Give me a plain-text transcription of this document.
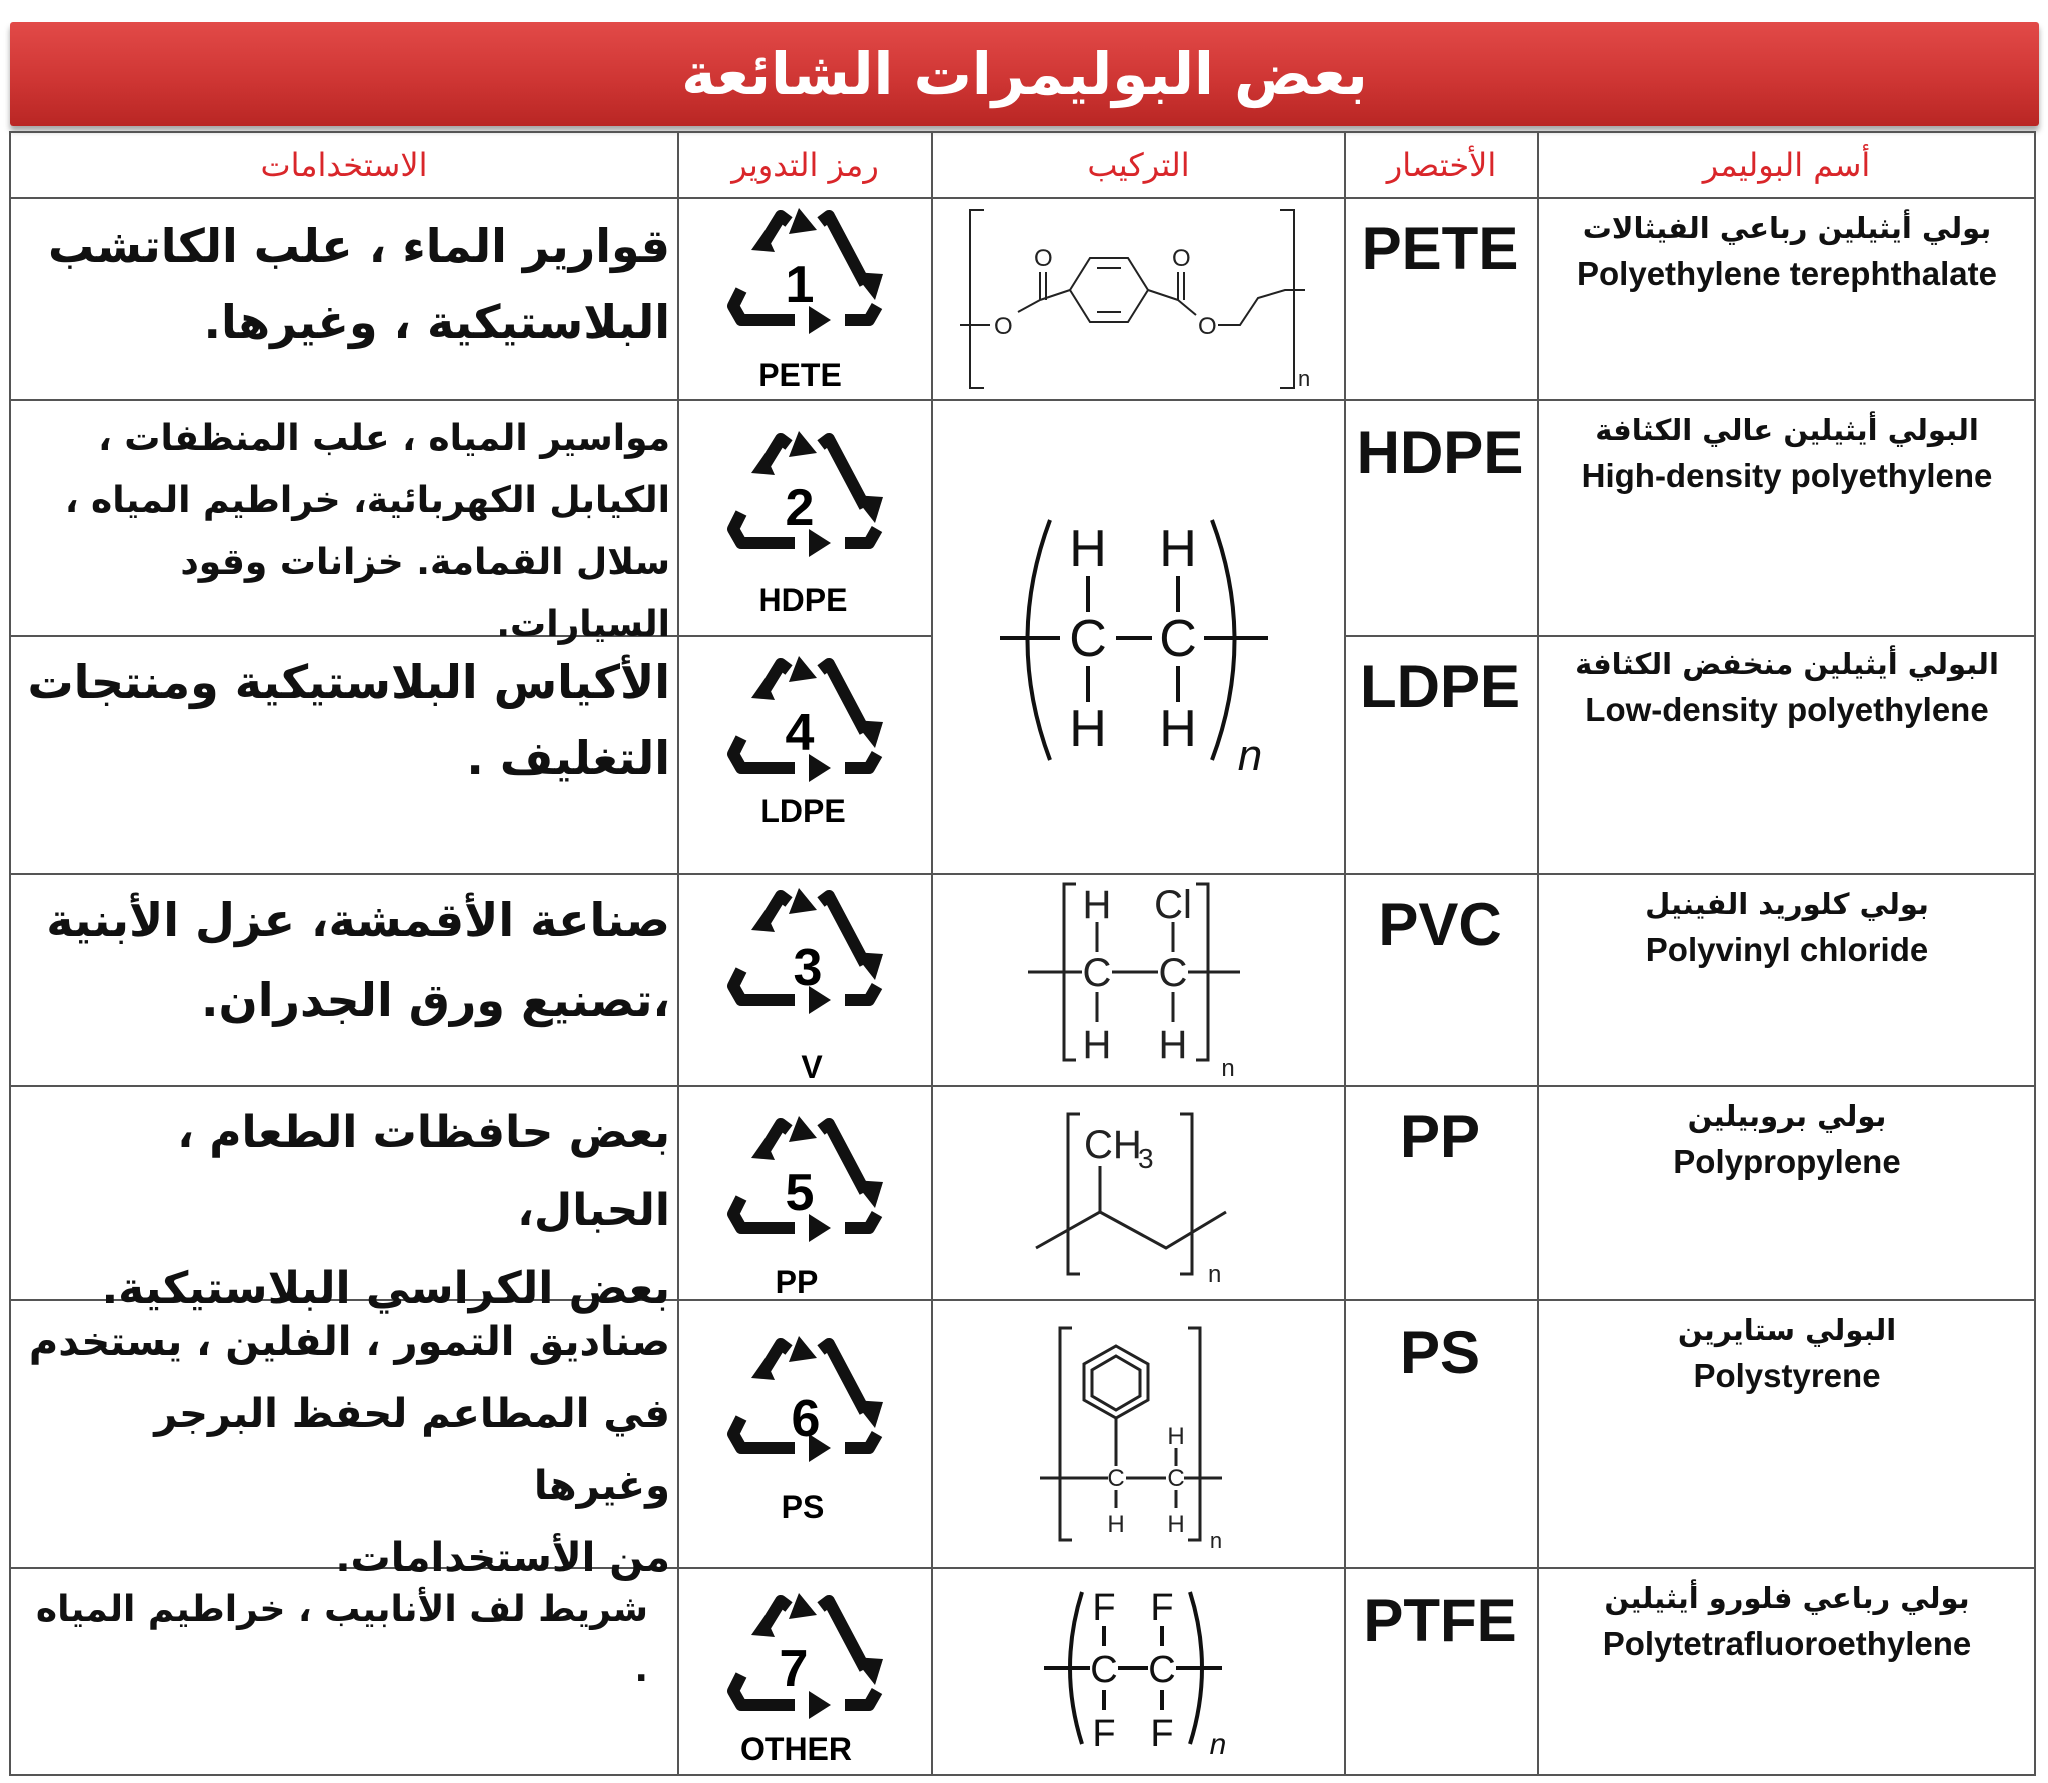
بعض البوليمرات الشائعة
أسم البوليمر
الأختصار
التركيب
رمز التدوير
الاستخدامات
بولي أيثيلين رباعي الفيثالات
Polyethylene terephthalate
PETE
قوارير الماء ، علب الكاتشب
البلاستيكية ، وغيرها.
البولي أيثيلين عالي الكثافة
High-density polyethylene
HDPE
مواسير المياه ، علب المنظفات ،
الكيابل الكهربائية، خراطيم المياه ،
سلال القمامة. خزانات وقود السيارات.
البولي أيثيلين منخفض الكثافة
Low-density polyethylene
LDPE
الأكياس البلاستيكية ومنتجات
التغليف .
بولي كلوريد الفينيل
Polyvinyl chloride
PVC
صناعة الأقمشة، عزل الأبنية
،تصنيع ورق الجدران.
بولي بروبيلين
Polypropylene
PP
بعض حافظات الطعام ، الحبال،
بعض الكراسي البلاستيكية.
البولي ستايرين
Polystyrene
PS
صناديق التمور ، الفلين ، يستخدم
في المطاعم لحفظ البرجر وغيرها
من الأستخدامات.
بولي رباعي فلورو أيثيلين
Polytetrafluoroethylene
PTFE
شريط لف الأنابيب ، خراطيم المياه .
1
2
4
3
5
6
7
PETE
HDPE
LDPE
V
PP
PS
OTHER
O
O	O
O
n
H H
C C
H H n
H Cl
C C
H H
n
CH
3
n
C C
H
H H
n
F F
C C
F F n
